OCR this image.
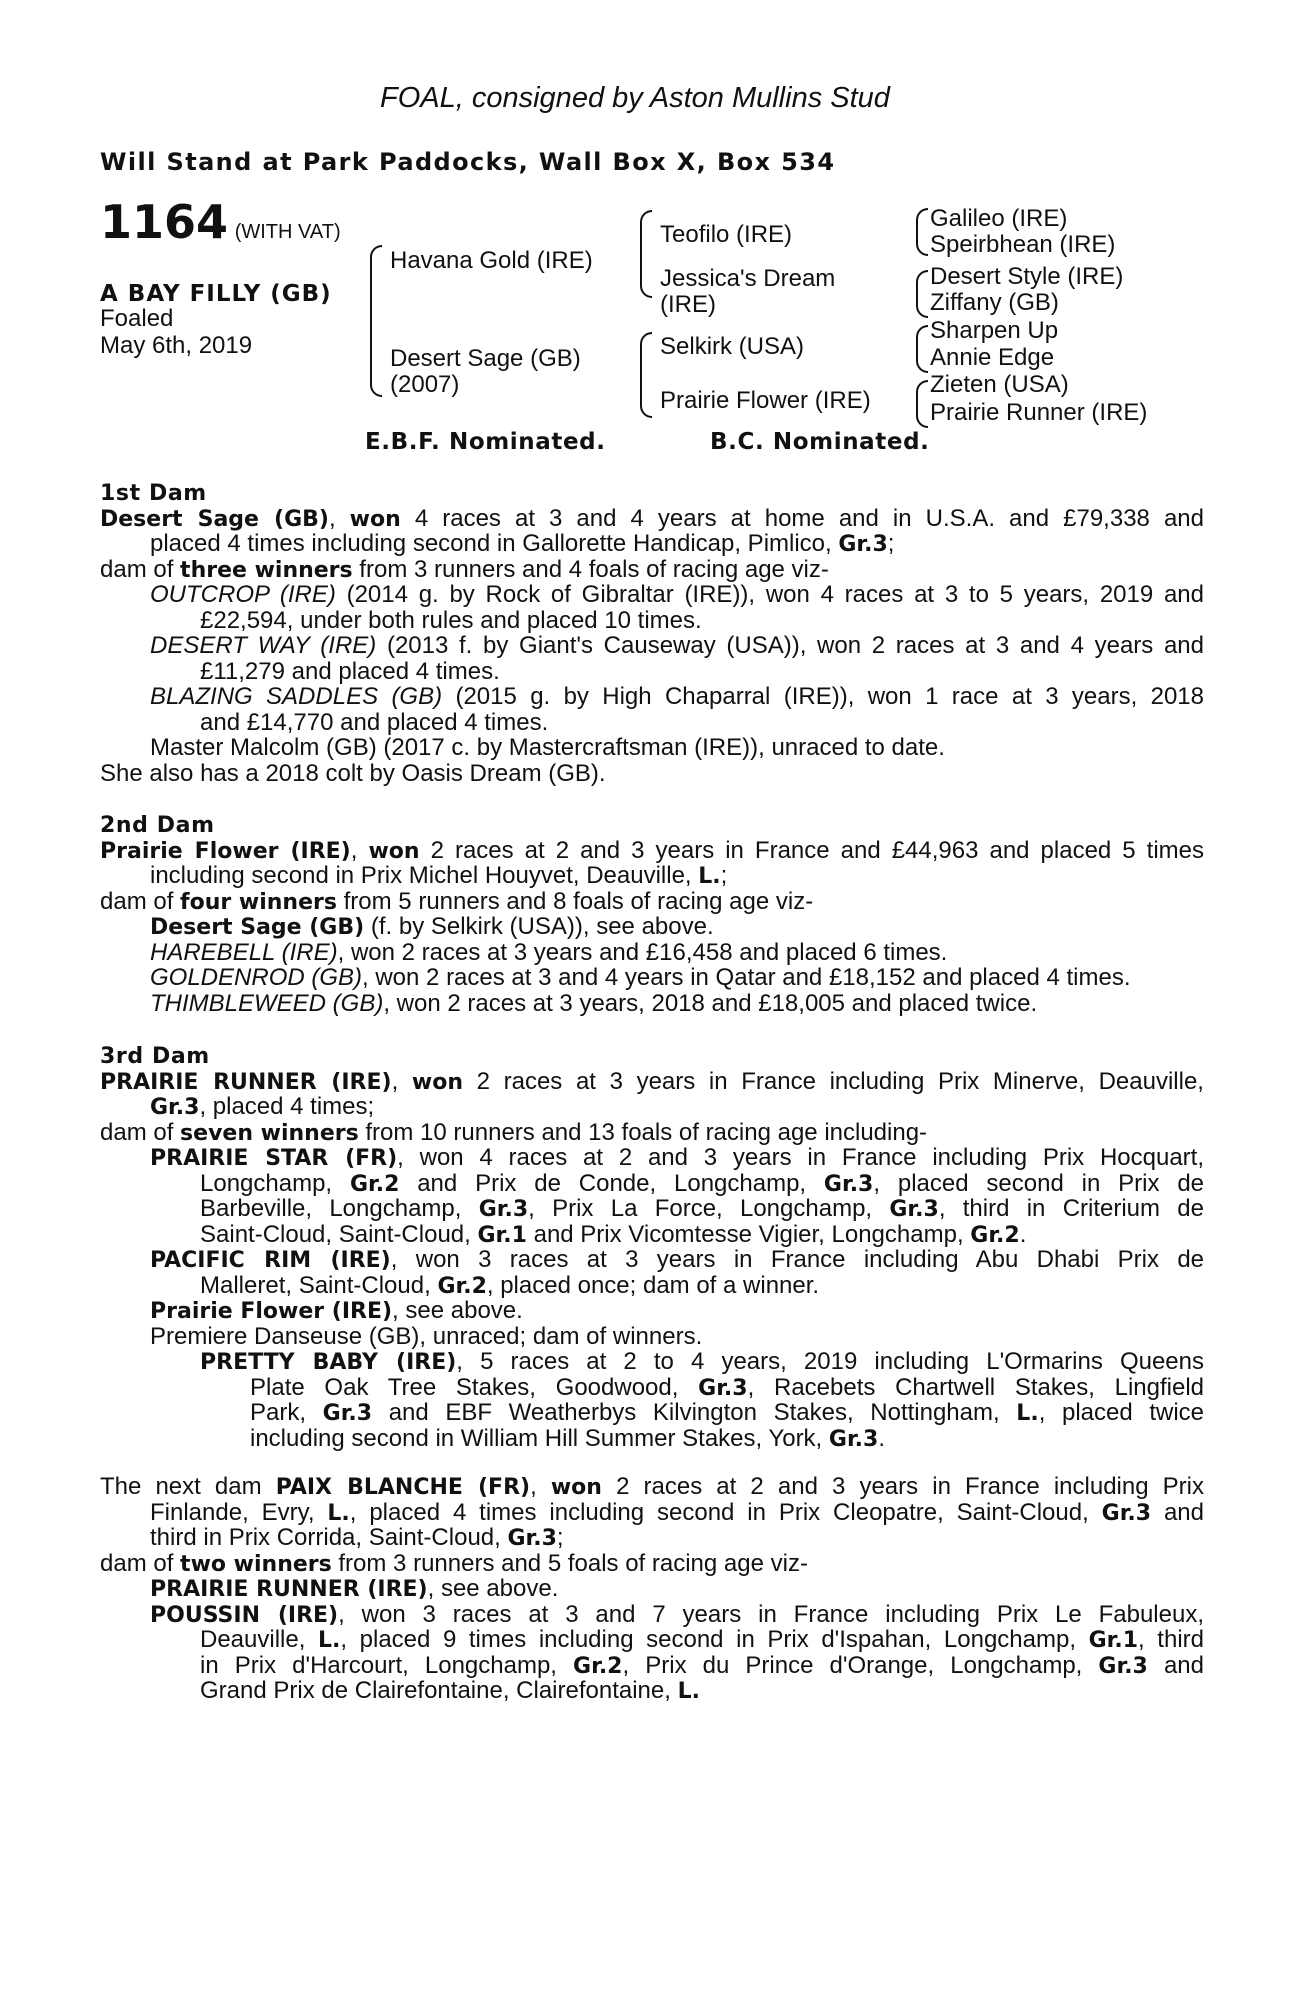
FOAL, consigned by Aston Mullins Stud
Will Stand at Park Paddocks, Wall Box X, Box 534
1164 (WITH VAT)
A BAY FILLY (GB)
Foaled
May 6th, 2019
Havana Gold (IRE)
Desert Sage (GB)
(2007)
Teofilo (IRE)
Jessica's Dream
(IRE)
Selkirk (USA)
Prairie Flower (IRE)
Galileo (IRE)
Speirbhean (IRE)
Desert Style (IRE)
Ziffany (GB)
Sharpen Up
Annie Edge
Zieten (USA)
Prairie Runner (IRE)
E.B.F. Nominated.	B.C. Nominated.
1st Dam
Desert Sage (GB), won 4 races at 3 and 4 years at home and in U.S.A. and £79,338 and
placed 4 times including second in Gallorette Handicap, Pimlico, Gr.3;
dam of three winners from 3 runners and 4 foals of racing age viz-
OUTCROP (IRE) (2014 g. by Rock of Gibraltar (IRE)), won 4 races at 3 to 5 years, 2019 and
£22,594, under both rules and placed 10 times.
DESERT WAY (IRE) (2013 f. by Giant's Causeway (USA)), won 2 races at 3 and 4 years and
£11,279 and placed 4 times.
BLAZING SADDLES (GB) (2015 g. by High Chaparral (IRE)), won 1 race at 3 years, 2018
and £14,770 and placed 4 times.
Master Malcolm (GB) (2017 c. by Mastercraftsman (IRE)), unraced to date.
She also has a 2018 colt by Oasis Dream (GB).
2nd Dam
Prairie Flower (IRE), won 2 races at 2 and 3 years in France and £44,963 and placed 5 times
including second in Prix Michel Houyvet, Deauville, L.;
dam of four winners from 5 runners and 8 foals of racing age viz-
Desert Sage (GB) (f. by Selkirk (USA)), see above.
HAREBELL (IRE), won 2 races at 3 years and £16,458 and placed 6 times.
GOLDENROD (GB), won 2 races at 3 and 4 years in Qatar and £18,152 and placed 4 times.
THIMBLEWEED (GB), won 2 races at 3 years, 2018 and £18,005 and placed twice.
3rd Dam
PRAIRIE RUNNER (IRE), won 2 races at 3 years in France including Prix Minerve, Deauville,
Gr.3, placed 4 times;
dam of seven winners from 10 runners and 13 foals of racing age including-
PRAIRIE STAR (FR), won 4 races at 2 and 3 years in France including Prix Hocquart,
Longchamp, Gr.2 and Prix de Conde, Longchamp, Gr.3, placed second in Prix de
Barbeville, Longchamp, Gr.3, Prix La Force, Longchamp, Gr.3, third in Criterium de
Saint-Cloud, Saint-Cloud, Gr.1 and Prix Vicomtesse Vigier, Longchamp, Gr.2.
PACIFIC RIM (IRE), won 3 races at 3 years in France including Abu Dhabi Prix de
Malleret, Saint-Cloud, Gr.2, placed once; dam of a winner.
Prairie Flower (IRE), see above.
Premiere Danseuse (GB), unraced; dam of winners.
PRETTY BABY (IRE), 5 races at 2 to 4 years, 2019 including L'Ormarins Queens
Plate Oak Tree Stakes, Goodwood, Gr.3, Racebets Chartwell Stakes, Lingfield
Park, Gr.3 and EBF Weatherbys Kilvington Stakes, Nottingham, L., placed twice
including second in William Hill Summer Stakes, York, Gr.3.
The next dam PAIX BLANCHE (FR), won 2 races at 2 and 3 years in France including Prix
Finlande, Evry, L., placed 4 times including second in Prix Cleopatre, Saint-Cloud, Gr.3 and
third in Prix Corrida, Saint-Cloud, Gr.3;
dam of two winners from 3 runners and 5 foals of racing age viz-
PRAIRIE RUNNER (IRE), see above.
POUSSIN (IRE), won 3 races at 3 and 7 years in France including Prix Le Fabuleux,
Deauville, L., placed 9 times including second in Prix d'Ispahan, Longchamp, Gr.1, third
in Prix d'Harcourt, Longchamp, Gr.2, Prix du Prince d'Orange, Longchamp, Gr.3 and
Grand Prix de Clairefontaine, Clairefontaine, L.
